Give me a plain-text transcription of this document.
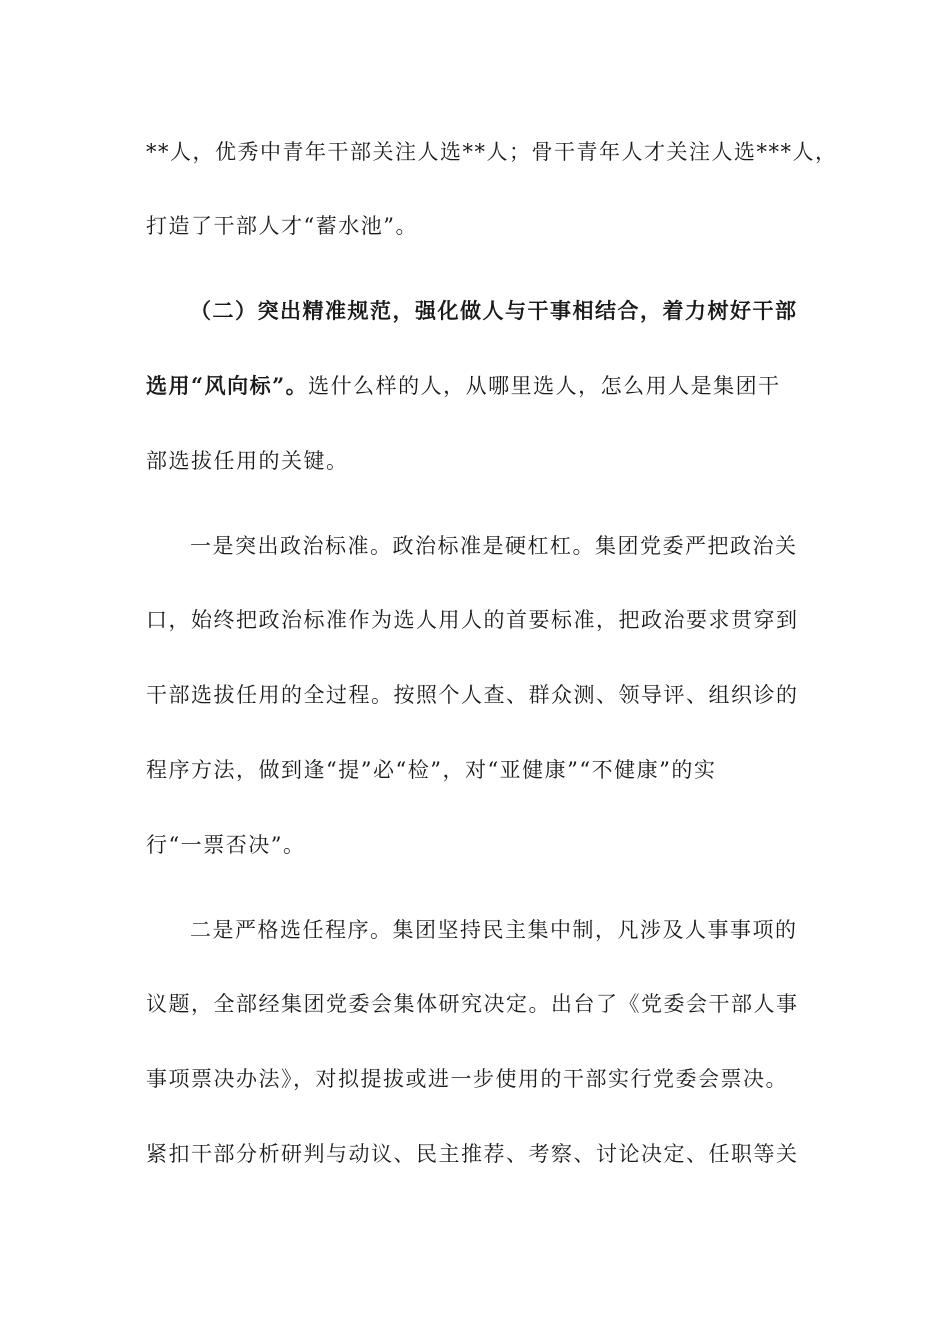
**人，优秀中青年干部关注人选**人；骨干青年人才关注人选***人，
打造了干部人才“蓄水池”。
（二）突出精准规范，强化做人与干事相结合，着力树好干部
选用“风向标”。选什么样的人，从哪里选人，怎么用人是集团干
部选拔任用的关键。
一是突出政治标准。政治标准是硬杠杠。集团党委严把政治关
口，始终把政治标准作为选人用人的首要标准，把政治要求贯穿到
干部选拔任用的全过程。按照个人查、群众测、领导评、组织诊的
程序方法，做到逢“提”必“检”，对“亚健康”“不健康”的实
行“一票否决”。
二是严格选任程序。集团坚持民主集中制，凡涉及人事事项的
议题，全部经集团党委会集体研究决定。出台了《党委会干部人事
事项票决办法》，对拟提拔或进一步使用的干部实行党委会票决。
紧扣干部分析研判与动议、民主推荐、考察、讨论决定、任职等关
